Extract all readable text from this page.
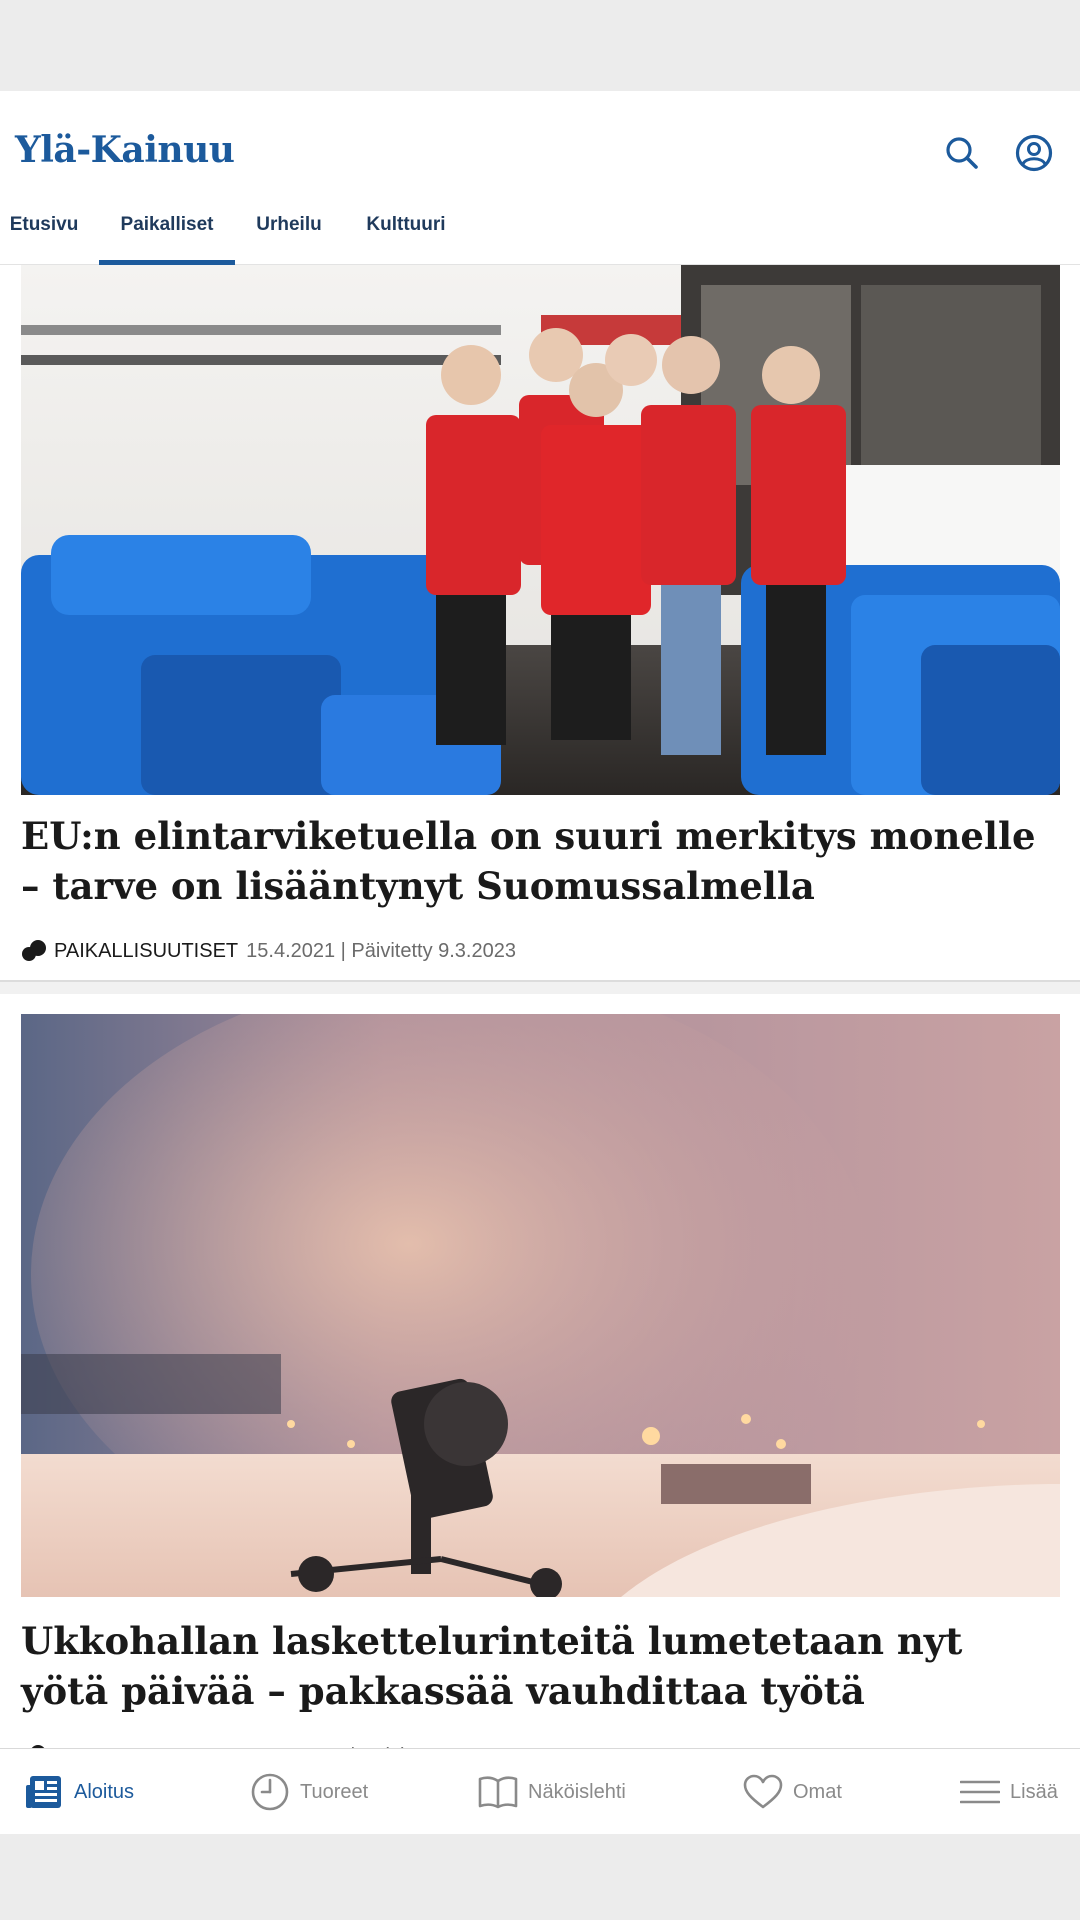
Ylä-Kainuu
Etusivu	Paikalliset	Urheilu	Kulttuuri
EU:n elintarviketuella on suuri merkitys monelle – tarve on lisääntynyt Suomussalmella
PAIKALLISUUTISET 15.4.2021 | Päivitetty 9.3.2023
Ukkohallan laskettelurinteitä lumetetaan nyt yötä päivää – pakkassää vauhdittaa työtä
Aloitus	Tuoreet	Näköislehti	Omat	Lisää
